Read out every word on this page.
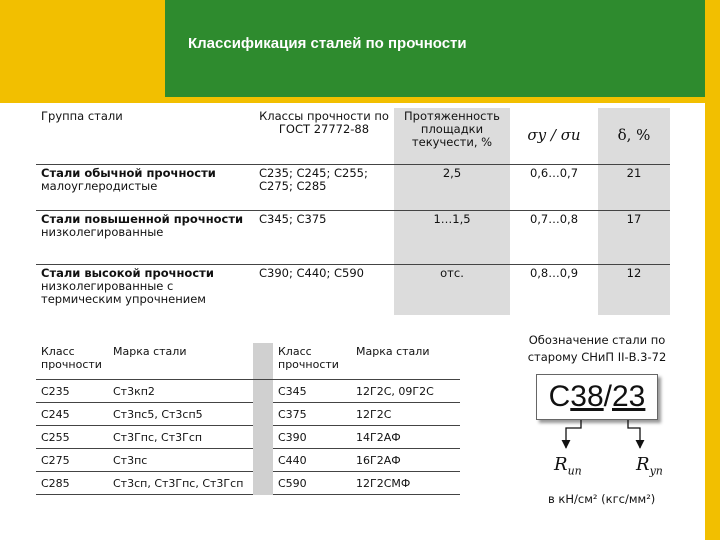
Классификация сталей по прочности
Группа стали	Классы прочности по ГОСТ 27772-88	Протяженность площадки текучести, %	σy / σu	δ, %
Стали обычной прочности
малоуглеродистые	С235; С245; С255; С275; С285	2,5	0,6…0,7	21
Стали повышенной прочности
низколегированные	С345; С375	1…1,5	0,7…0,8	17
Стали высокой прочности
низколегированные с термическим упрочнением	С390; С440; С590	отс.	0,8…0,9	12
Класс прочности	Марка стали		Класс прочности	Марка стали
С235	Ст3кп2		С345	12Г2С, 09Г2С
С245	Ст3пс5, Ст3сп5		С375	12Г2С
С255	Ст3Гпс, Ст3Гсп		С390	14Г2АФ
С275	Ст3пс		С440	16Г2АФ
С285	Ст3сп, Ст3Гпс, Ст3Гсп		С590	12Г2СМФ
Обозначение стали по старому СНиП II-В.3-72
С38/23
$R_{un}$	$R_{yn}$
в кН/см² (кгс/мм²)
